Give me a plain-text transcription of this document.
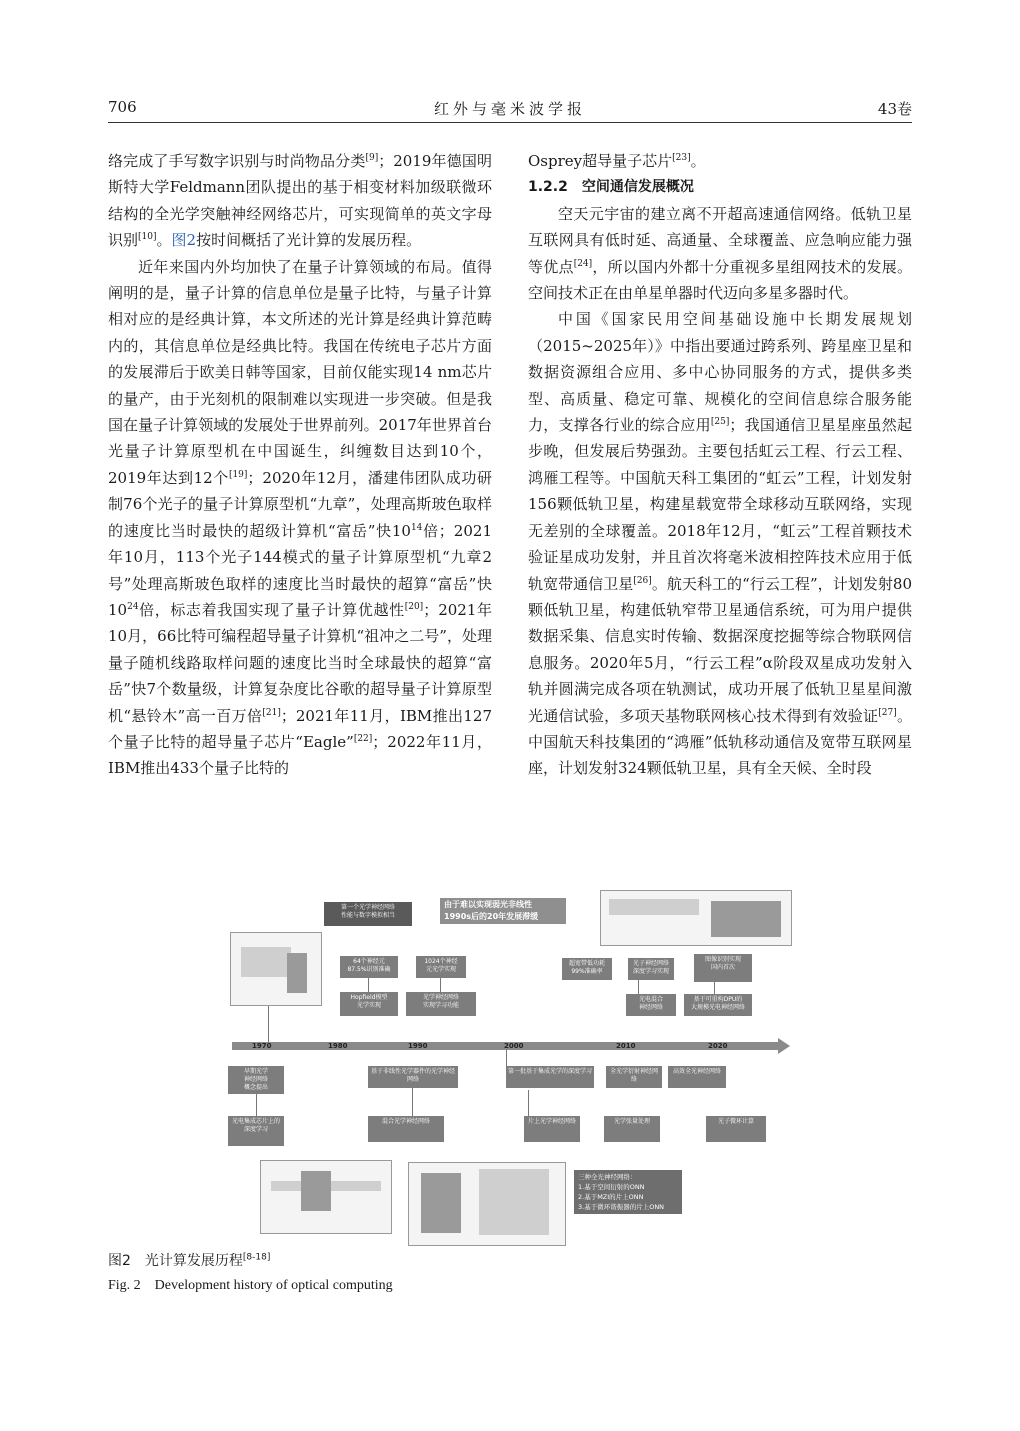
706	红外与毫米波学报	43卷

络完成了手写数字识别与时尚物品分类[9]；2019年德国明斯特大学Feldmann团队提出的基于相变材料加级联微环结构的全光学突触神经网络芯片，可实现简单的英文字母识别[10]。图2按时间概括了光计算的发展历程。

近年来国内外均加快了在量子计算领域的布局。值得阐明的是，量子计算的信息单位是量子比特，与量子计算相对应的是经典计算，本文所述的光计算是经典计算范畴内的，其信息单位是经典比特。我国在传统电子芯片方面的发展滞后于欧美日韩等国家，目前仅能实现14 nm芯片的量产，由于光刻机的限制难以实现进一步突破。但是我国在量子计算领域的发展处于世界前列。2017年世界首台光量子计算原型机在中国诞生，纠缠数目达到10个，2019年达到12个[19]；2020年12月，潘建伟团队成功研制76个光子的量子计算原型机“九章”，处理高斯玻色取样的速度比当时最快的超级计算机“富岳”快$10^{14}$倍；2021年10月，113个光子144模式的量子计算原型机“九章2号”处理高斯玻色取样的速度比当时最快的超算“富岳”快$10^{24}$倍，标志着我国实现了量子计算优越性[20]；2021年10月，66比特可编程超导量子计算机“祖冲之二号”，处理量子随机线路取样问题的速度比当时全球最快的超算“富岳”快7个数量级，计算复杂度比谷歌的超导量子计算原型机“悬铃木”高一百万倍[21]；2021年11月，IBM推出127个量子比特的超导量子芯片“Eagle”[22]；2022年11月，IBM推出433个量子比特的

Osprey超导量子芯片[23]。

1.2.2　空间通信发展概况

空天元宇宙的建立离不开超高速通信网络。低轨卫星互联网具有低时延、高通量、全球覆盖、应急响应能力强等优点[24]，所以国内外都十分重视多星组网技术的发展。空间技术正在由单星单器时代迈向多星多器时代。

中国《国家民用空间基础设施中长期发展规划（2015~2025年）》中指出要通过跨系列、跨星座卫星和数据资源组合应用、多中心协同服务的方式，提供多类型、高质量、稳定可靠、规模化的空间信息综合服务能力，支撑各行业的综合应用[25]；我国通信卫星星座虽然起步晚，但发展后势强劲。主要包括虹云工程、行云工程、鸿雁工程等。中国航天科工集团的“虹云”工程，计划发射156颗低轨卫星，构建星载宽带全球移动互联网络，实现无差别的全球覆盖。2018年12月，“虹云”工程首颗技术验证星成功发射，并且首次将毫米波相控阵技术应用于低轨宽带通信卫星[26]。航天科工的“行云工程”，计划发射80颗低轨卫星，构建低轨窄带卫星通信系统，可为用户提供数据采集、信息实时传输、数据深度挖掘等综合物联网信息服务。2020年5月，“行云工程”α阶段双星成功发射入轨并圆满完成各项在轨测试，成功开展了低轨卫星星间激光通信试验，多项天基物联网核心技术得到有效验证[27]。中国航天科技集团的“鸿雁”低轨移动通信及宽带互联网星座，计划发射324颗低轨卫星，具有全天候、全时段

由于难以实现弱光非线性
1990s后的20年发展滞缓
1970	1980	1990	2000	2010	2020
第一个光学神经网络
性能与数字模拟相当
64个神经元
87.5%识别准确
1024个神经
元光学实现
Hopfield模型
光学实现
光学神经网络
实现学习功能
超宽带低功耗
99%准确率
光子神经网络
深度学习实现
光电混合
神经网络
基于可重构DPU的
大规模光电神经网络
图像识别实现
国内首次
早期光学
神经网络
概念提出
基于非线性光学器件的光学神经网络
第一批基于集成光学的深度学习	全光学衍射神经网络
高效全光神经网络
光电集成芯片上的深度学习
混合光学神经网络	片上光学神经网络	光学张量处理	光子微环计算
三种全光神经网络：
1.基于空间衍射的ONN
2.基于MZI的片上ONN
3.基于微环谐振器的片上ONN
图2　光计算发展历程[8-18]
Fig. 2　Development history of optical computing
